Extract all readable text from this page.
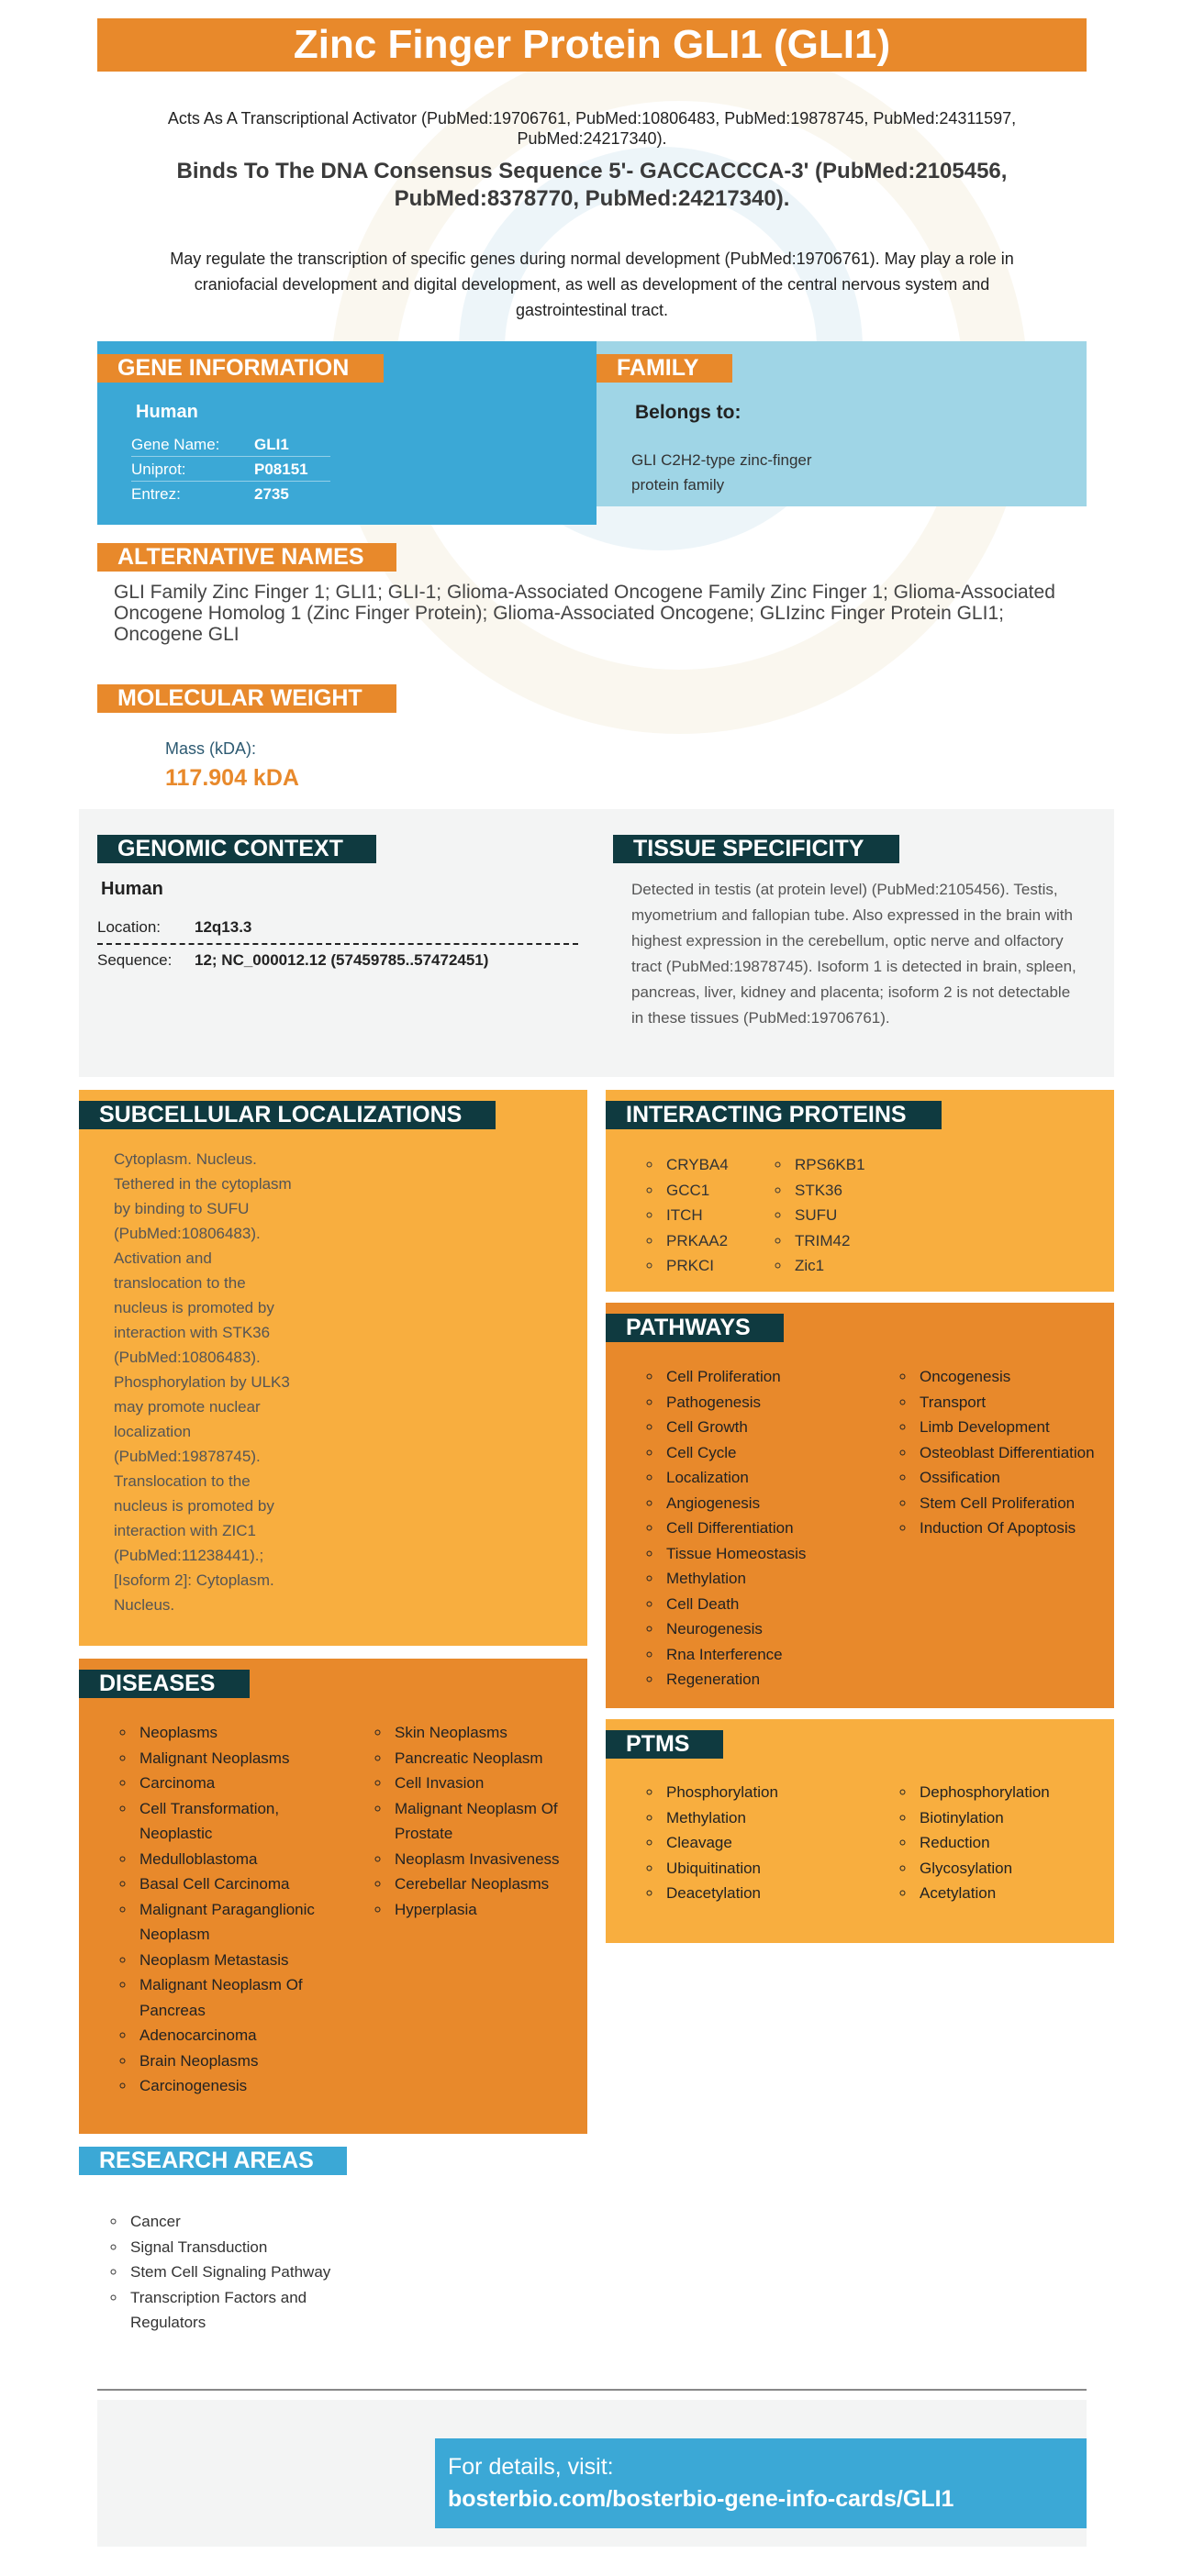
Zinc Finger Protein GLI1 (GLI1)
Acts As A Transcriptional Activator (PubMed:19706761, PubMed:10806483, PubMed:19878745, PubMed:24311597, PubMed:24217340).
Binds To The DNA Consensus Sequence 5'- GACCACCCA-3' (PubMed:2105456, PubMed:8378770, PubMed:24217340).
May regulate the transcription of specific genes during normal development (PubMed:19706761). May play a role in craniofacial development and digital development, as well as development of the central nervous system and gastrointestinal tract.
GENE INFORMATION
Human
Gene Name: GLI1
Uniprot:	P08151
Entrez:	2735
FAMILY
Belongs to:
GLI C2H2-type zinc-finger protein family
ALTERNATIVE NAMES
GLI Family Zinc Finger 1; GLI1; GLI-1; Glioma-Associated Oncogene Family Zinc Finger 1; Glioma-Associated Oncogene Homolog 1 (Zinc Finger Protein); Glioma-Associated Oncogene; GLIzinc Finger Protein GLI1; Oncogene GLI
MOLECULAR WEIGHT
Mass (kDA):
117.904 kDA
GENOMIC CONTEXT
Human
Location: 12q13.3
Sequence: 12; NC_000012.12 (57459785..57472451)
TISSUE SPECIFICITY
Detected in testis (at protein level) (PubMed:2105456). Testis, myometrium and fallopian tube. Also expressed in the brain with highest expression in the cerebellum, optic nerve and olfactory tract (PubMed:19878745). Isoform 1 is detected in brain, spleen, pancreas, liver, kidney and placenta; isoform 2 is not detectable in these tissues (PubMed:19706761).
SUBCELLULAR LOCALIZATIONS
Cytoplasm. Nucleus. Tethered in the cytoplasm by binding to SUFU (PubMed:10806483). Activation and translocation to the nucleus is promoted by interaction with STK36 (PubMed:10806483). Phosphorylation by ULK3 may promote nuclear localization (PubMed:19878745). Translocation to the nucleus is promoted by interaction with ZIC1 (PubMed:11238441).; [Isoform 2]: Cytoplasm. Nucleus.
INTERACTING PROTEINS
◦ CRYBA4
◦ GCC1
◦ ITCH
◦ PRKAA2
◦ PRKCI
◦ RPS6KB1
◦ STK36
◦ SUFU
◦ TRIM42
◦ Zic1
PATHWAYS
◦ Cell Proliferation
◦ Pathogenesis
◦ Cell Growth
◦ Cell Cycle
◦ Localization
◦ Angiogenesis
◦ Cell Differentiation
◦ Tissue Homeostasis
◦ Methylation
◦ Cell Death
◦ Neurogenesis
◦ Rna Interference
◦ Regeneration
◦ Oncogenesis
◦ Transport
◦ Limb Development
◦ Osteoblast Differentiation
◦ Ossification
◦ Stem Cell Proliferation
◦ Induction Of Apoptosis
DISEASES
◦ Neoplasms
◦ Malignant Neoplasms
◦ Carcinoma
◦ Cell Transformation, Neoplastic
◦ Medulloblastoma
◦ Basal Cell Carcinoma
◦ Malignant Paraganglionic Neoplasm
◦ Neoplasm Metastasis
◦ Malignant Neoplasm Of Pancreas
◦ Adenocarcinoma
◦ Brain Neoplasms
◦ Carcinogenesis
◦ Skin Neoplasms
◦ Pancreatic Neoplasm
◦ Cell Invasion
◦ Malignant Neoplasm Of Prostate
◦ Neoplasm Invasiveness
◦ Cerebellar Neoplasms
◦ Hyperplasia
PTMS
◦ Phosphorylation
◦ Methylation
◦ Cleavage
◦ Ubiquitination
◦ Deacetylation
◦ Dephosphorylation
◦ Biotinylation
◦ Reduction
◦ Glycosylation
◦ Acetylation
RESEARCH AREAS
◦ Cancer
◦ Signal Transduction
◦ Stem Cell Signaling Pathway
◦ Transcription Factors and Regulators
For details, visit:
bosterbio.com/bosterbio-gene-info-cards/GLI1
